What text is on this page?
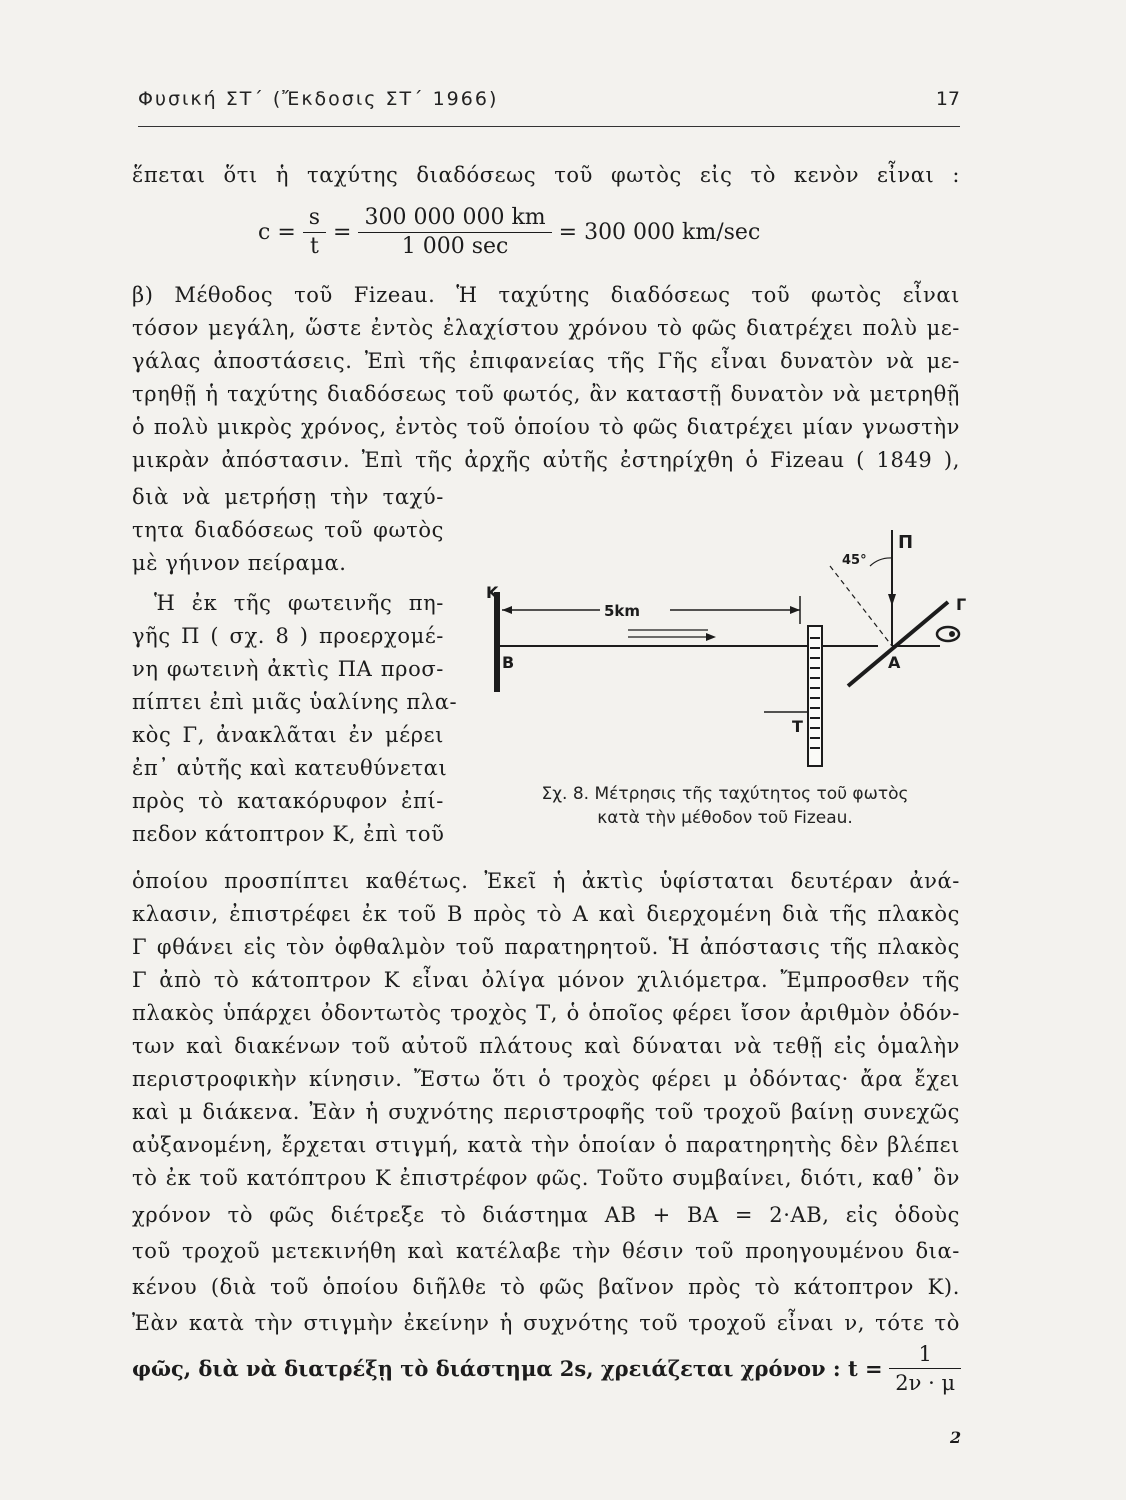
Φυσική ΣΤ΄ (Ἔκδοσις ΣΤ΄ 1966)	17
ἕπεται ὅτι ἡ ταχύτης διαδόσεως τοῦ φωτὸς εἰς τὸ κενὸν εἶναι :
$c = \frac{s}{t} = \frac{300 000 000 km}{1 000 \sec} = 300$ 000 km/sec
β) Μέθοδος τοῦ Fizeau. Ἡ ταχύτης διαδόσεως τοῦ φωτὸς εἶναι
τόσον μεγάλη, ὥστε ἐντὸς ἐλαχίστου χρόνου τὸ φῶς διατρέχει πολὺ με-
γάλας ἀποστάσεις. Ἐπὶ τῆς ἐπιφανείας τῆς Γῆς εἶναι δυνατὸν νὰ με-
τρηθῇ ἡ ταχύτης διαδόσεως τοῦ φωτός, ἂν καταστῇ δυνατὸν νὰ μετρηθῇ
ὁ πολὺ μικρὸς χρόνος, ἐντὸς τοῦ ὁποίου τὸ φῶς διατρέχει μίαν γνωστὴν
μικρὰν ἀπόστασιν. Ἐπὶ τῆς ἀρχῆς αὐτῆς ἐστηρίχθη ὁ Fizeau ( 1849 ),
διὰ νὰ μετρήσῃ τὴν ταχύ-
τητα διαδόσεως τοῦ φωτὸς
μὲ γήινον πείραμα.
Ἡ ἐκ τῆς φωτεινῆς πη-
γῆς Π ( σχ. 8 ) προερχομέ-
νη φωτεινὴ ἀκτὶς ΠΑ προσ-
πίπτει ἐπὶ μιᾶς ὑαλίνης πλα-
κὸς Γ, ἀνακλᾶται ἐν μέρει
ἐπ᾽ αὐτῆς καὶ κατευθύνεται
πρὸς τὸ κατακόρυφον ἐπί-
πεδον κάτοπτρον Κ, ἐπὶ τοῦ
5km
K
B
45°
Π
Γ
A
T
Σχ. 8. Μέτρησις τῆς ταχύτητος τοῦ φωτὸς
κατὰ τὴν μέθοδον τοῦ Fizeau.
ὁποίου προσπίπτει καθέτως. Ἐκεῖ ἡ ἀκτὶς ὑφίσταται δευτέραν ἀνά-
κλασιν, ἐπιστρέφει ἐκ τοῦ Β πρὸς τὸ Α καὶ διερχομένη διὰ τῆς πλακὸς
Γ φθάνει εἰς τὸν ὀφθαλμὸν τοῦ παρατηρητοῦ. Ἡ ἀπόστασις τῆς πλακὸς
Γ ἀπὸ τὸ κάτοπτρον Κ εἶναι ὀλίγα μόνον χιλιόμετρα. Ἔμπροσθεν τῆς
πλακὸς ὑπάρχει ὀδοντωτὸς τροχὸς Τ, ὁ ὁποῖος φέρει ἴσον ἀριθμὸν ὀδόν-
των καὶ διακένων τοῦ αὐτοῦ πλάτους καὶ δύναται νὰ τεθῇ εἰς ὁμαλὴν
περιστροφικὴν κίνησιν. Ἔστω ὅτι ὁ τροχὸς φέρει μ ὀδόντας· ἄρα ἔχει
καὶ μ διάκενα. Ἐὰν ἡ συχνότης περιστροφῆς τοῦ τροχοῦ βαίνῃ συνεχῶς
αὐξανομένη, ἔρχεται στιγμή, κατὰ τὴν ὁποίαν ὁ παρατηρητὴς δὲν βλέπει
τὸ ἐκ τοῦ κατόπτρου Κ ἐπιστρέφον φῶς. Τοῦτο συμβαίνει, διότι, καθ᾽ ὃν
χρόνον τὸ φῶς διέτρεξε τὸ διάστημα ΑΒ + ΒΑ = 2·ΑΒ, εἰς ὁδοὺς
τοῦ τροχοῦ μετεκινήθη καὶ κατέλαβε τὴν θέσιν τοῦ προηγουμένου δια-
κένου (διὰ τοῦ ὁποίου διῆλθε τὸ φῶς βαῖνον πρὸς τὸ κάτοπτρον Κ).
Ἐὰν κατὰ τὴν στιγμὴν ἐκείνην ἡ συχνότης τοῦ τροχοῦ εἶναι ν, τότε τὸ
φῶς, διὰ νὰ διατρέξῃ τὸ διάστημα 2s, χρειάζεται χρόνον : $t = \frac{1}{2\nu \cdot \mu}$
2
